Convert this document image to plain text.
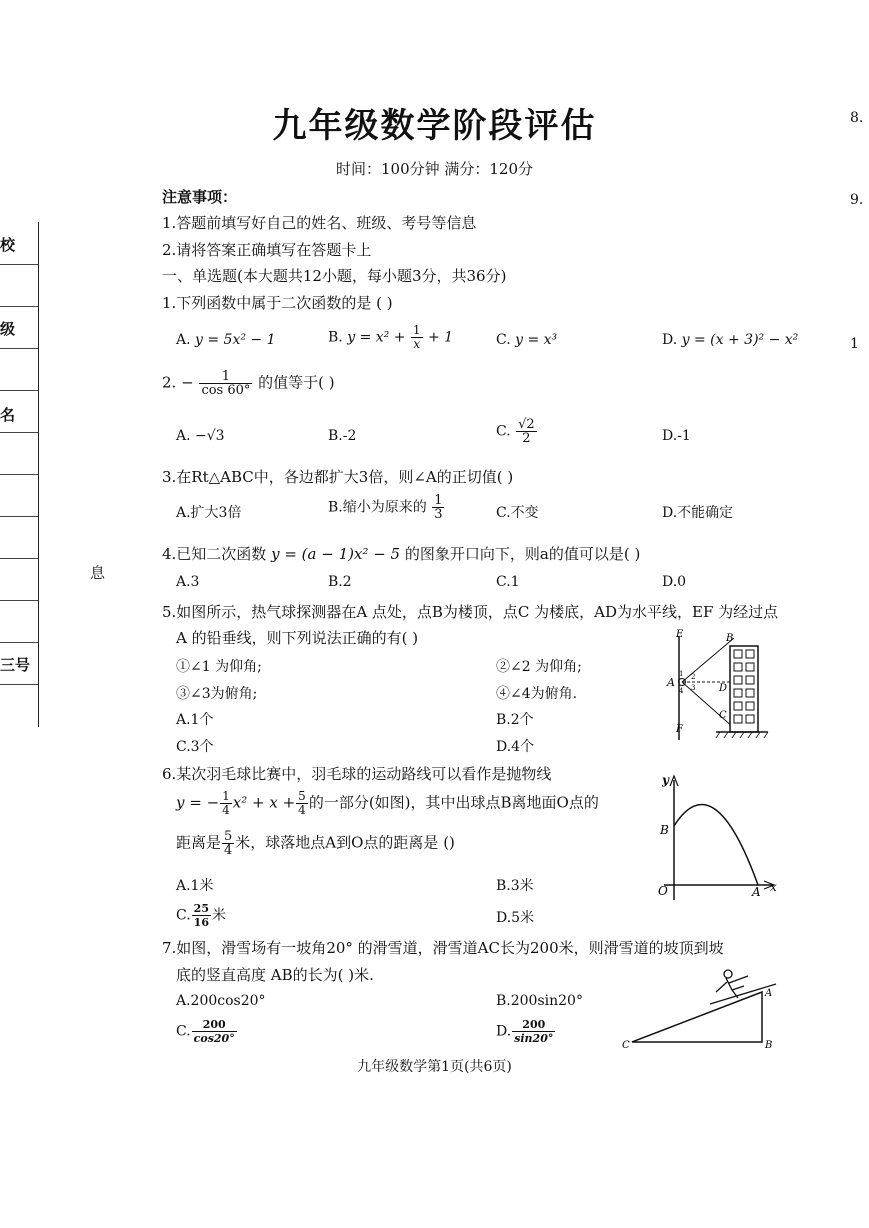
校
级
名
三号
息
8.
9.
1
九年级数学阶段评估
时间：100分钟 满分：120分
注意事项：
1.答题前填写好自己的姓名、班级、考号等信息
2.请将答案正确填写在答题卡上
一、单选题(本大题共12小题，每小题3分，共36分)
1.下列函数中属于二次函数的是 ( )
A. y = 5x² − 1	B. $y = x^2 + \frac{1}{x} + 1$	C. y = x³	D. y = (x + 3)² − x²
2. − $\frac{1}{\cos 60^\circ}$ 的值等于( )
A. −√3	B.-2	C. $\frac{√2}{2}$	D.-1
3.在Rt△ABC中，各边都扩大3倍，则∠A的正切值( )
A.扩大3倍	B.缩小为原来的 $\frac{1}{3}$	C.不变	D.不能确定
4.已知二次函数 y = (a − 1)x² − 5 的图象开口向下，则a的值可以是( )
A.3	B.2	C.1	D.0
5.如图所示，热气球探测器在A 点处，点B为楼顶，点C 为楼底，AD为水平线，EF 为经过点
A 的铅垂线，则下列说法正确的有( )
①∠1 为仰角;	②∠2 为仰角;
③∠3为俯角;	④∠4为俯角.
A.1个	B.2个
C.3个	D.4个
E	B
A	D
C
F
1 2
3
4
6.某次羽毛球比赛中，羽毛球的运动路线可以看作是抛物线
y = − $\frac{1}{4} x^2 + x + \frac{5}{4}$ 的一部分(如图)，其中出球点B离地面O点的
距离是 $\frac{5}{4}$ 米，球落地点A到O点的距离是 ()
A.1米	B.3米
C. $\frac{25}{16}$ 米	D.5米
y
B
O	A x
7.如图，滑雪场有一坡角20° 的滑雪道，滑雪道AC长为200米，则滑雪道的坡顶到坡
底的竖直高度 AB的长为( )米.
A.200cos20°	B.200sin20°
C. $\frac{200}{\cos 20^\circ}$	D. $\frac{200}{\sin 20^\circ}$
A
B
C
九年级数学第1页(共6页)
